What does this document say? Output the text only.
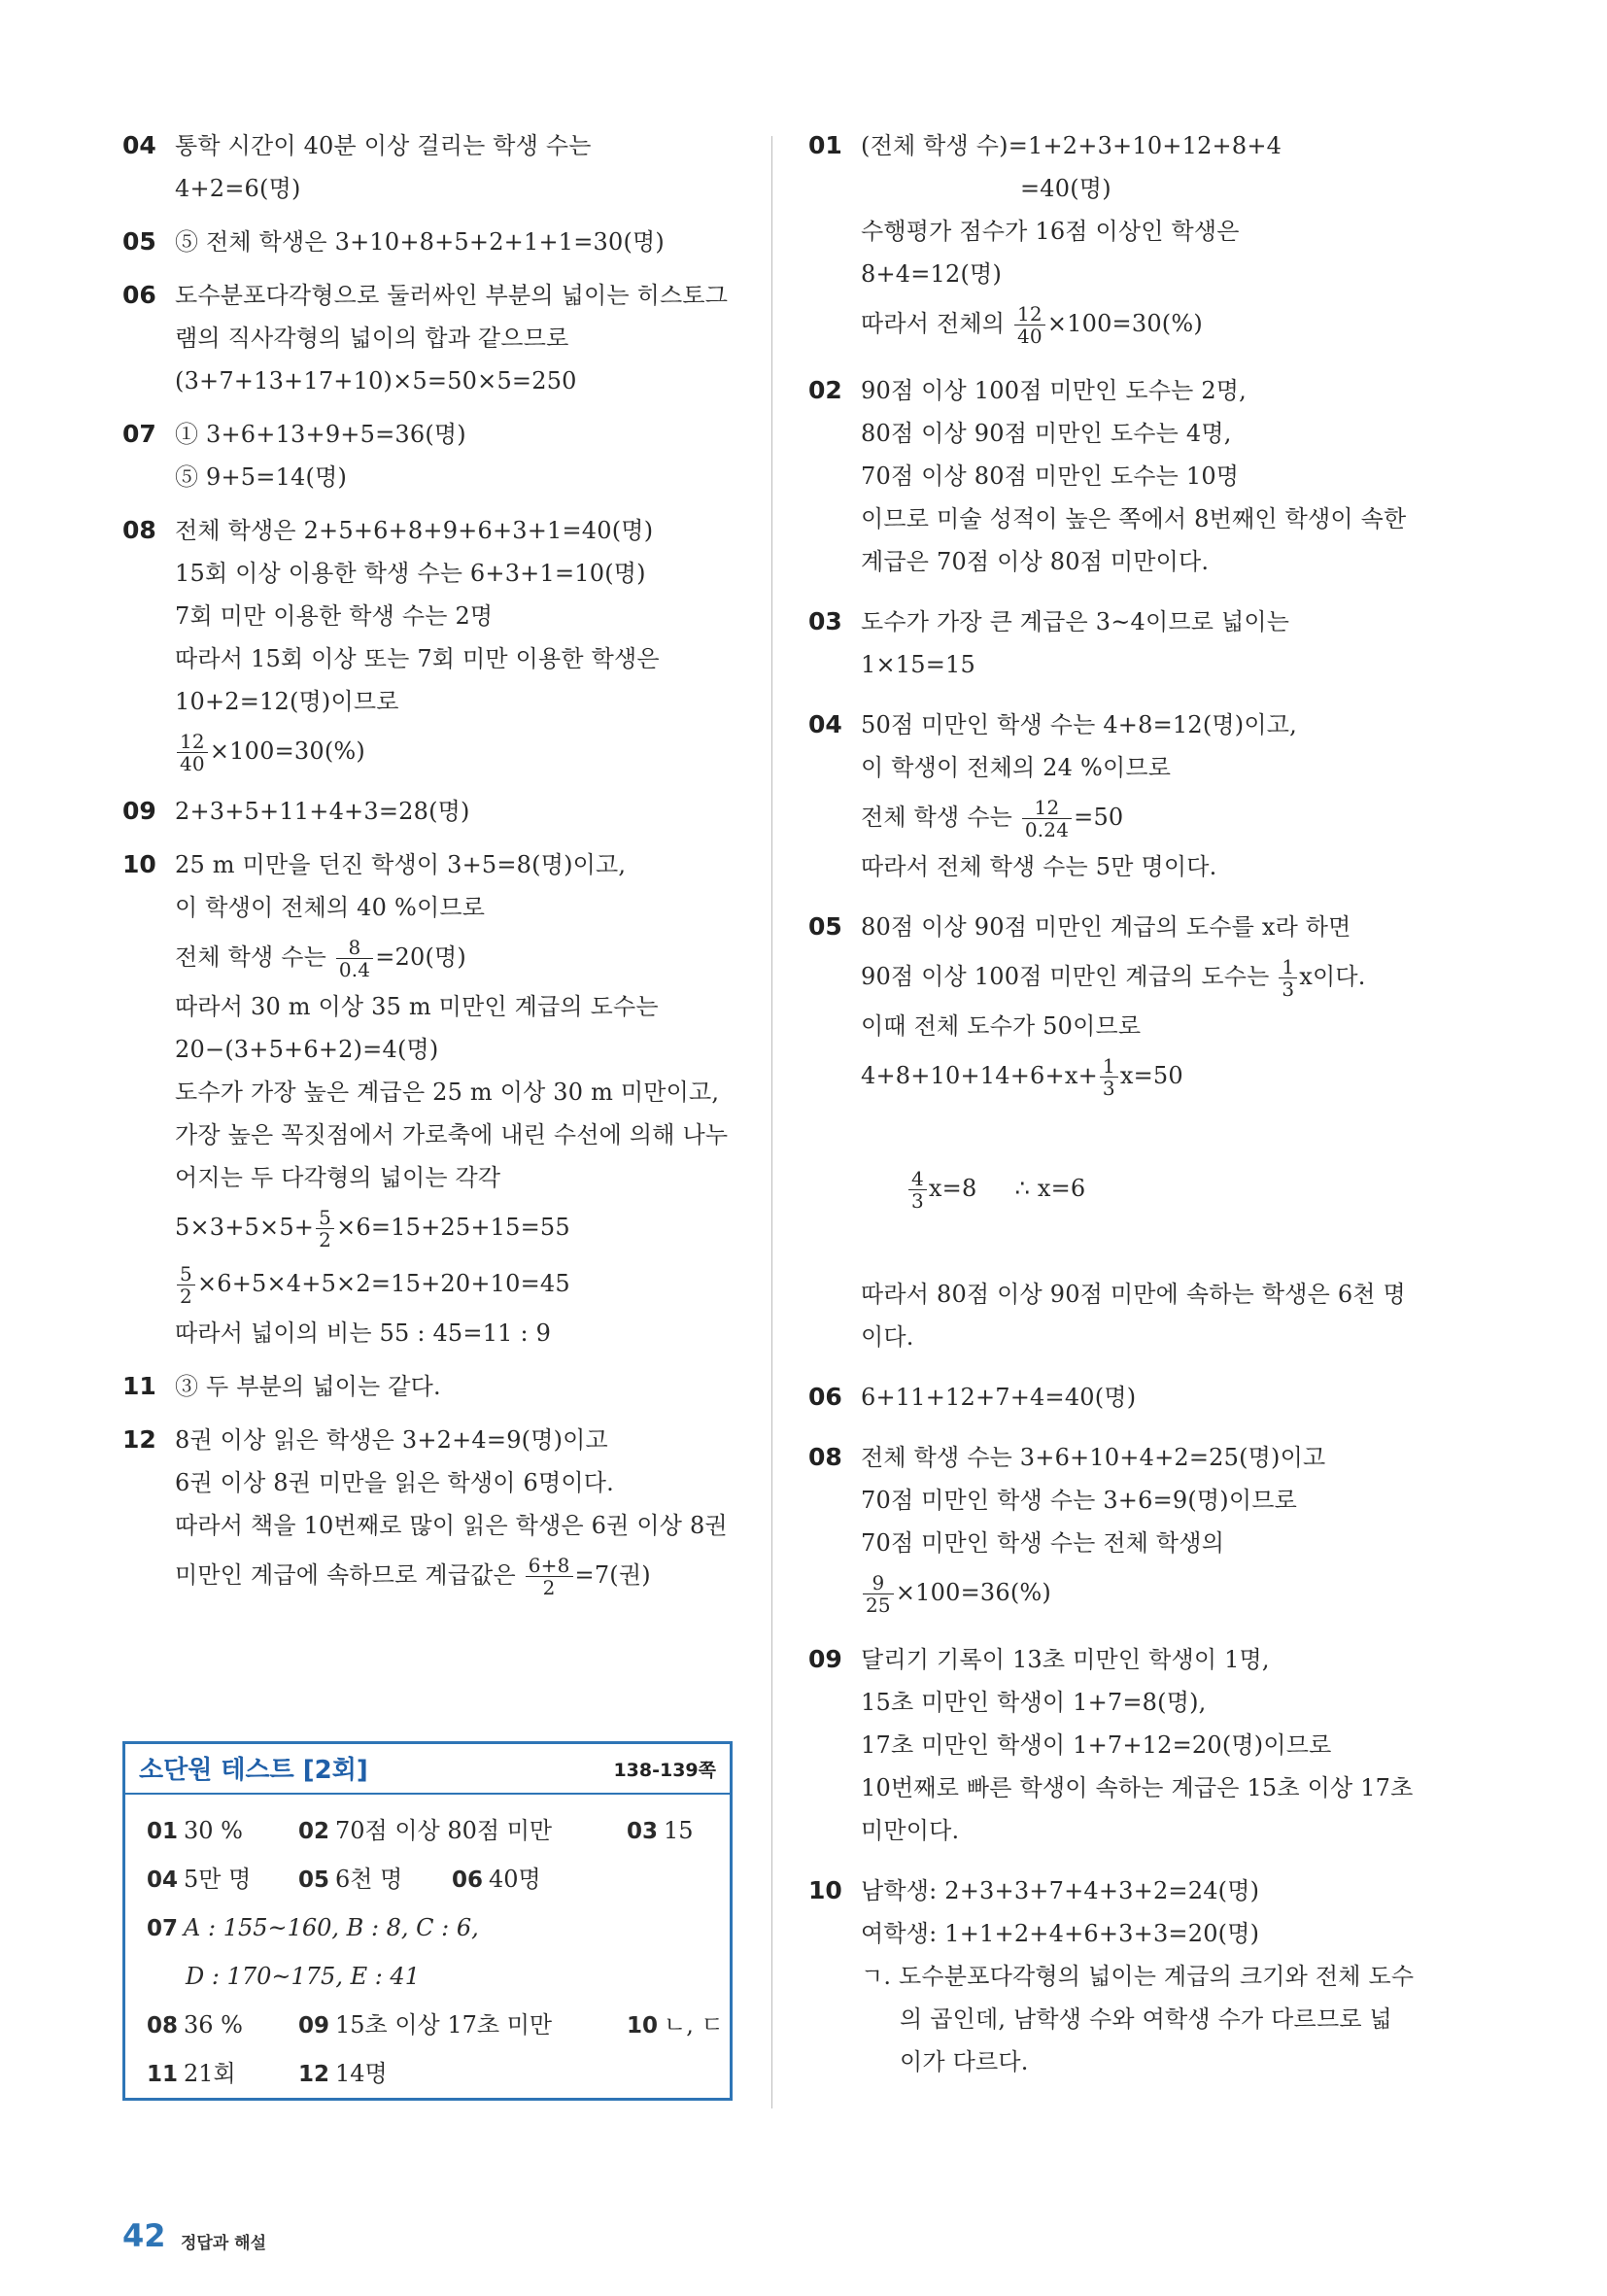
04 통학 시간이 40분 이상 걸리는 학생 수는
4+2=6(명)
05 ⑤ 전체 학생은 3+10+8+5+2+1+1=30(명)
06 도수분포다각형으로 둘러싸인 부분의 넓이는 히스토그
램의 직사각형의 넓이의 합과 같으므로
(3+7+13+17+10)×5=50×5=250
07 ① 3+6+13+9+5=36(명)
⑤ 9+5=14(명)
08 전체 학생은 2+5+6+8+9+6+3+1=40(명)
15회 이상 이용한 학생 수는 6+3+1=10(명)
7회 미만 이용한 학생 수는 2명
따라서 15회 이상 또는 7회 미만 이용한 학생은
10+2=12(명)이므로
$\frac{12}{40} \times 100=30(\%)$
09 2+3+5+11+4+3=28(명)
10 25 m 미만을 던진 학생이 3+5=8(명)이고,
이 학생이 전체의 40 %이므로
전체 학생 수는 $\frac{8}{0.4} =20$(명)
따라서 30 m 이상 35 m 미만인 계급의 도수는
20−(3+5+6+2)=4(명)
도수가 가장 높은 계급은 25 m 이상 30 m 미만이고,
가장 높은 꼭짓점에서 가로축에 내린 수선에 의해 나누
어지는 두 다각형의 넓이는 각각
$5\times 3+5\times 5+ \frac{5}{2} \times 6=15+25+15=55$
$\frac{5}{2} \times 6+5\times 4+5\times 2=15+20+10=45$
따라서 넓이의 비는 55 : 45=11 : 9
11 ③ 두 부분의 넓이는 같다.
12 8권 이상 읽은 학생은 3+2+4=9(명)이고
6권 이상 8권 미만을 읽은 학생이 6명이다.
따라서 책을 10번째로 많이 읽은 학생은 6권 이상 8권
미만인 계급에 속하므로 계급값은 $\frac{6+8}{2} =7$(권)
소단원 테스트 [2회]	138-139쪽
01 30 % 02 70점 이상 80점 미만	03 15
04 5만 명 05 6천 명 06 40명
07 A : 155~160, B : 8, C : 6,
D : 170~175, E : 41
08 36 % 09 15초 이상 17초 미만	10 ㄴ, ㄷ
11 21회	12 14명
01 (전체 학생 수)=1+2+3+10+12+8+4
=40(명)
수행평가 점수가 16점 이상인 학생은
8+4=12(명)
따라서 전체의 $\frac{12}{40} \times 100=30(\%)$
02 90점 이상 100점 미만인 도수는 2명,
80점 이상 90점 미만인 도수는 4명,
70점 이상 80점 미만인 도수는 10명
이므로 미술 성적이 높은 쪽에서 8번째인 학생이 속한
계급은 70점 이상 80점 미만이다.
03 도수가 가장 큰 계급은 3~4이므로 넓이는
1×15=15
04 50점 미만인 학생 수는 4+8=12(명)이고,
이 학생이 전체의 24 %이므로
전체 학생 수는 $\frac{12}{0.24} =50$
따라서 전체 학생 수는 5만 명이다.
05 80점 이상 90점 미만인 계급의 도수를 x라 하면
90점 이상 100점 미만인 계급의 도수는 $\frac{1}{3}$ x이다.
이때 전체 도수가 50이므로
$4+8+10+14+6+x+ \frac{1}{3} x=50$

$\frac{4}{3} x=8$     ∴ x=6

따라서 80점 이상 90점 미만에 속하는 학생은 6천 명
이다.
06 6+11+12+7+4=40(명)
08 전체 학생 수는 3+6+10+4+2=25(명)이고
70점 미만인 학생 수는 3+6=9(명)이므로
70점 미만인 학생 수는 전체 학생의
$\frac{9}{25} \times 100=36(\%)$
09 달리기 기록이 13초 미만인 학생이 1명,
15초 미만인 학생이 1+7=8(명),
17초 미만인 학생이 1+7+12=20(명)이므로
10번째로 빠른 학생이 속하는 계급은 15초 이상 17초
미만이다.
10 남학생: 2+3+3+7+4+3+2=24(명)
여학생: 1+1+2+4+6+3+3=20(명)
ㄱ. 도수분포다각형의 넓이는 계급의 크기와 전체 도수
의 곱인데, 남학생 수와 여학생 수가 다르므로 넓
이가 다르다.
42 정답과 해설
